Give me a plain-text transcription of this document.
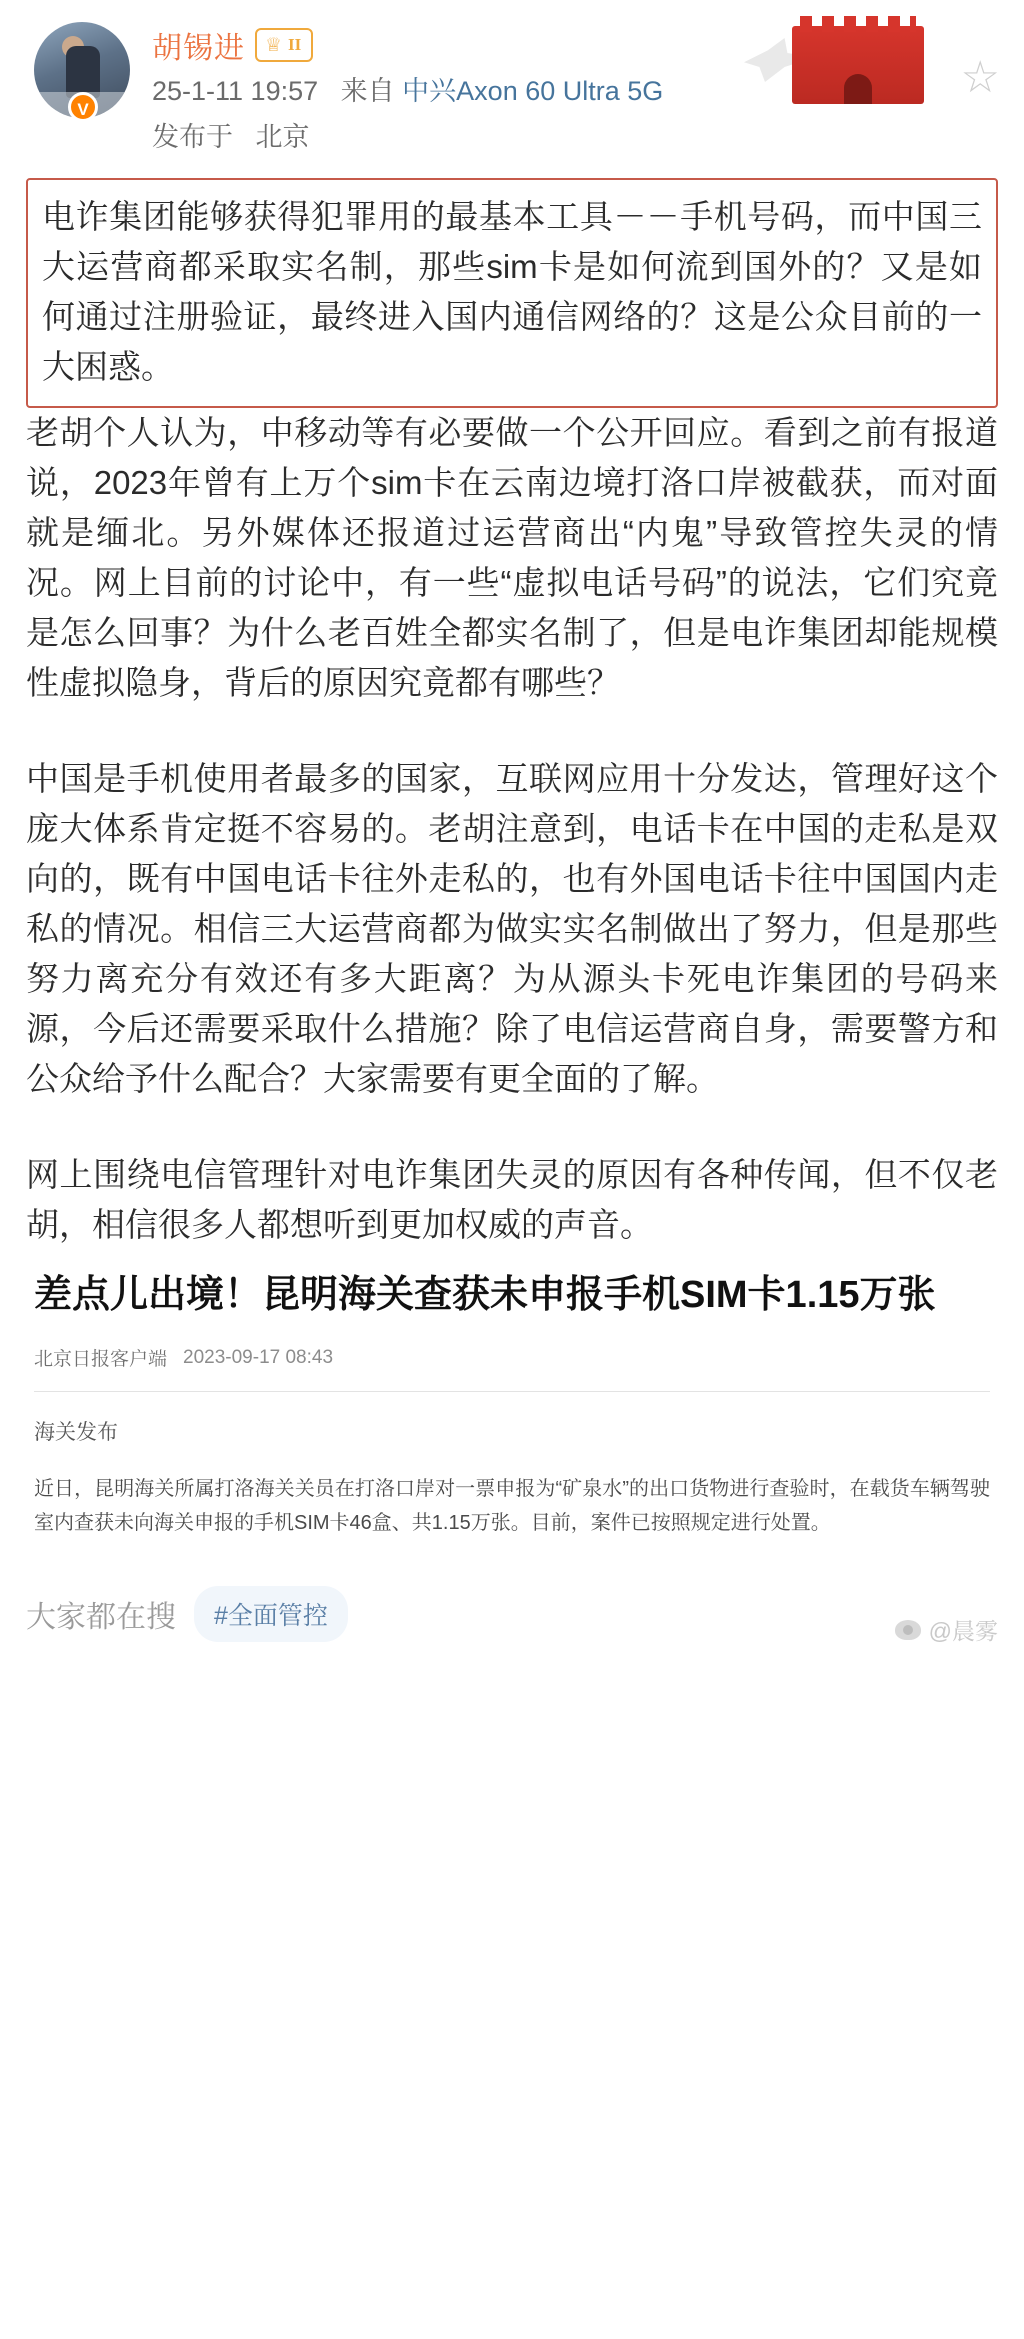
V
胡锡进 ♕ II
25-1-11 19:57 来自 中兴Axon 60 Ultra 5G
发布于 北京
☆

电诈集团能够获得犯罪用的最基本工具－－手机号码，而中国三大运营商都采取实名制，那些sim卡是如何流到国外的？又是如何通过注册验证，最终进入国内通信网络的？这是公众目前的一大困惑。

老胡个人认为，中移动等有必要做一个公开回应。看到之前有报道说，2023年曾有上万个sim卡在云南边境打洛口岸被截获，而对面就是缅北。另外媒体还报道过运营商出“内鬼”导致管控失灵的情况。网上目前的讨论中，有一些“虚拟电话号码”的说法，它们究竟是怎么回事？为什么老百姓全都实名制了，但是电诈集团却能规模性虚拟隐身，背后的原因究竟都有哪些？

中国是手机使用者最多的国家，互联网应用十分发达，管理好这个庞大体系肯定挺不容易的。老胡注意到，电话卡在中国的走私是双向的，既有中国电话卡往外走私的，也有外国电话卡往中国国内走私的情况。相信三大运营商都为做实实名制做出了努力，但是那些努力离充分有效还有多大距离？为从源头卡死电诈集团的号码来源，今后还需要采取什么措施？除了电信运营商自身，需要警方和公众给予什么配合？大家需要有更全面的了解。

网上围绕电信管理针对电诈集团失灵的原因有各种传闻，但不仅老胡，相信很多人都想听到更加权威的声音。

差点儿出境！昆明海关查获未申报手机SIM卡1.15万张
北京日报客户端 2023-09-17 08:43
海关发布
近日，昆明海关所属打洛海关关员在打洛口岸对一票申报为“矿泉水”的出口货物进行查验时，在载货车辆驾驶室内查获未向海关申报的手机SIM卡46盒、共1.15万张。目前，案件已按照规定进行处置。
大家都在搜	#全面管控
@晨雾
